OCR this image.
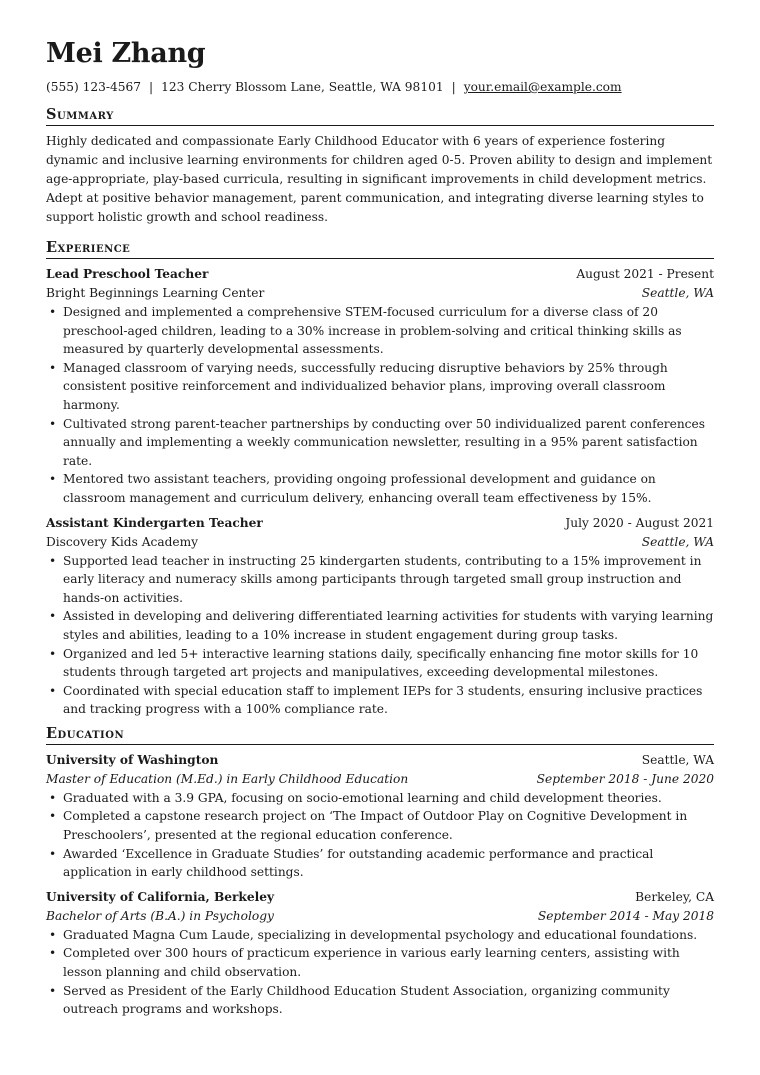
Mei Zhang
(555) 123-4567 | 123 Cherry Blossom Lane, Seattle, WA 98101 | your.email@example.com
Summary

Highly dedicated and compassionate Early Childhood Educator with 6 years of experience fostering dynamic and inclusive learning environments for children aged 0-5. Proven ability to design and implement age-appropriate, play-based curricula, resulting in significant improvements in child development metrics. Adept at positive behavior management, parent communication, and integrating diverse learning styles to support holistic growth and school readiness.

Experience
Lead Preschool Teacher	August 2021 - Present
Bright Beginnings Learning Center	Seattle, WA
• Designed and implemented a comprehensive STEM-focused curriculum for a diverse class of 20 preschool-aged children, leading to a 30% increase in problem-solving and critical thinking skills as measured by quarterly developmental assessments.
• Managed classroom of varying needs, successfully reducing disruptive behaviors by 25% through consistent positive reinforcement and individualized behavior plans, improving overall classroom harmony.
• Cultivated strong parent-teacher partnerships by conducting over 50 individualized parent conferences annually and implementing a weekly communication newsletter, resulting in a 95% parent satisfaction rate.
• Mentored two assistant teachers, providing ongoing professional development and guidance on classroom management and curriculum delivery, enhancing overall team effectiveness by 15%.
Assistant Kindergarten Teacher	July 2020 - August 2021
Discovery Kids Academy	Seattle, WA
• Supported lead teacher in instructing 25 kindergarten students, contributing to a 15% improvement in early literacy and numeracy skills among participants through targeted small group instruction and hands-on activities.
• Assisted in developing and delivering differentiated learning activities for students with varying learning styles and abilities, leading to a 10% increase in student engagement during group tasks.
• Organized and led 5+ interactive learning stations daily, specifically enhancing fine motor skills for 10 students through targeted art projects and manipulatives, exceeding developmental milestones.
• Coordinated with special education staff to implement IEPs for 3 students, ensuring inclusive practices and tracking progress with a 100% compliance rate.
Education
University of Washington	Seattle, WA
Master of Education (M.Ed.) in Early Childhood Education	September 2018 - June 2020
• Graduated with a 3.9 GPA, focusing on socio-emotional learning and child development theories.
• Completed a capstone research project on ‘The Impact of Outdoor Play on Cognitive Development in Preschoolers’, presented at the regional education conference.
• Awarded ‘Excellence in Graduate Studies’ for outstanding academic performance and practical application in early childhood settings.
University of California, Berkeley	Berkeley, CA
Bachelor of Arts (B.A.) in Psychology	September 2014 - May 2018
• Graduated Magna Cum Laude, specializing in developmental psychology and educational foundations.
• Completed over 300 hours of practicum experience in various early learning centers, assisting with lesson planning and child observation.
• Served as President of the Early Childhood Education Student Association, organizing community outreach programs and workshops.
